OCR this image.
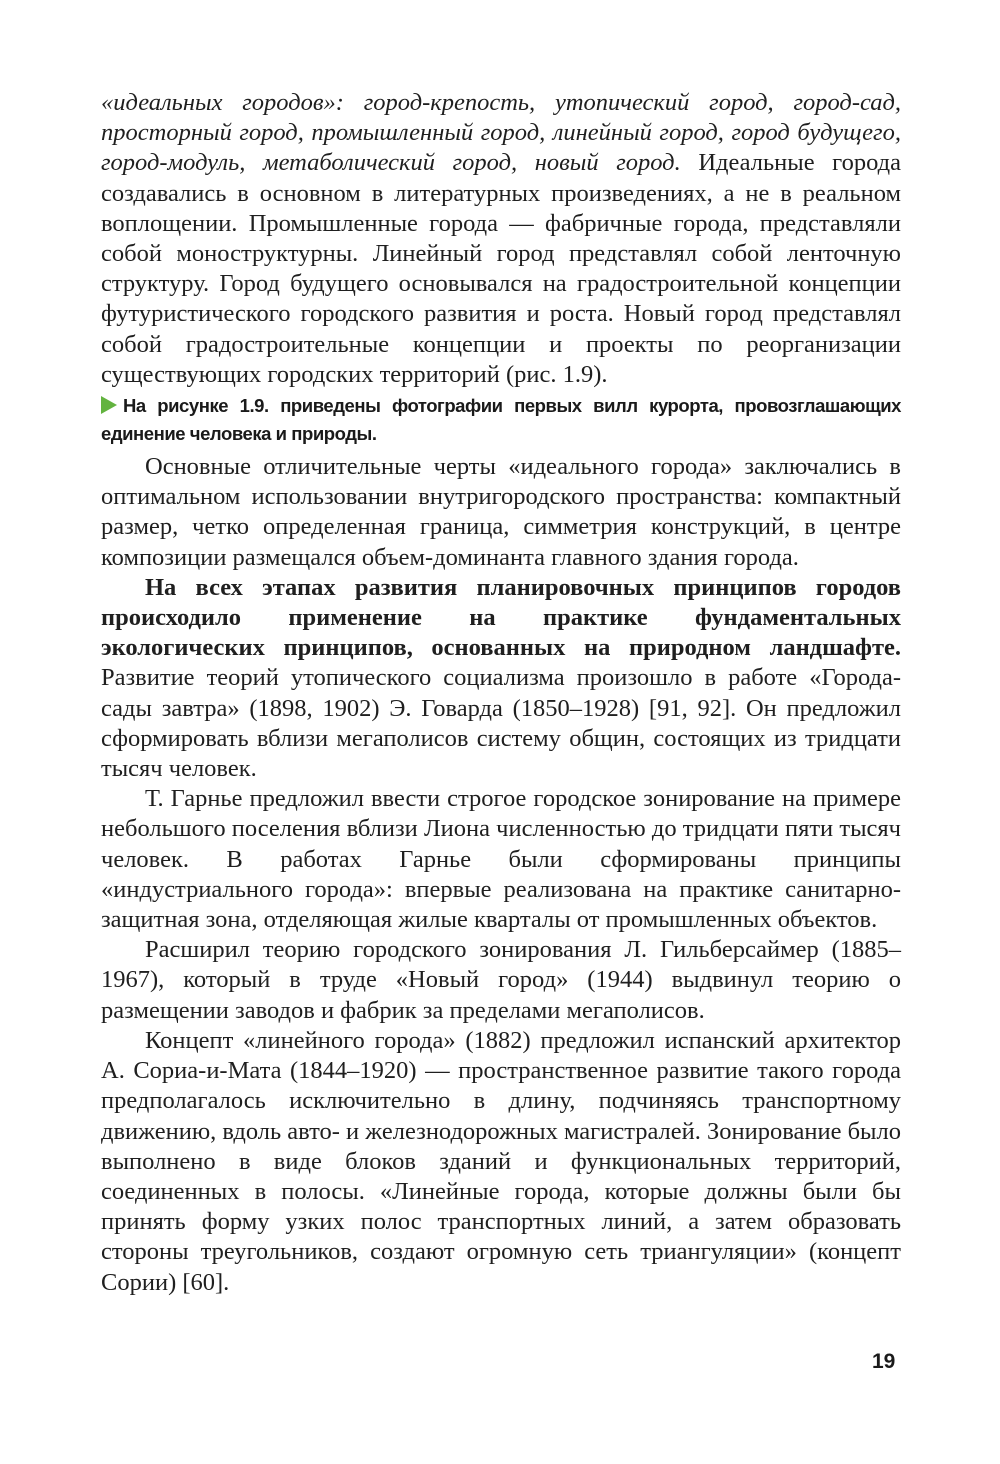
«идеальных городов»: город-крепость, утопический город, город-сад, просторный город, промышленный город, линейный город, город будущего, город-модуль, метаболический город, новый город. Идеальные города создавались в основном в литературных произведениях, а не в реальном воплощении. Промышленные города — фабричные города, представляли собой моноструктурны. Линейный город представлял собой ленточную структуру. Город будущего основывался на градостроительной концепции футуристического городского развития и роста. Новый город представлял собой градостроительные концепции и проекты по реорганизации существующих городских территорий (рис. 1.9).

На рисунке 1.9. приведены фотографии первых вилл курорта, провозглашающих единение человека и природы.

Основные отличительные черты «идеального города» заключались в оптимальном использовании внутригородского пространства: компактный размер, четко определенная граница, симметрия конструкций, в центре композиции размещался объем-доминанта главного здания города.

На всех этапах развития планировочных принципов городов происходило применение на практике фундаментальных экологических принципов, основанных на природном ландшафте. Развитие теорий утопического социализма произошло в работе «Города-сады завтра» (1898, 1902) Э. Говарда (1850–1928) [91, 92]. Он предложил сформировать вблизи мегаполисов систему общин, состоящих из тридцати тысяч человек.

Т. Гарнье предложил ввести строгое городское зонирование на примере небольшого поселения вблизи Лиона численностью до тридцати пяти тысяч человек. В работах Гарнье были сформированы принципы «индустриального города»: впервые реализована на практике санитарно-защитная зона, отделяющая жилые кварталы от промышленных объектов.

Расширил теорию городского зонирования Л. Гильберсаймер (1885–1967), который в труде «Новый город» (1944) выдвинул теорию о размещении заводов и фабрик за пределами мегаполисов.

Концепт «линейного города» (1882) предложил испанский архитектор А. Сориа-и-Мата (1844–1920) — пространственное развитие такого города предполагалось исключительно в длину, подчиняясь транспортному движению, вдоль авто- и железнодорожных магистралей. Зонирование было выполнено в виде блоков зданий и функциональных территорий, соединенных в полосы. «Линейные города, которые должны были бы принять форму узких полос транспортных линий, а затем образовать стороны треугольников, создают огромную сеть триангуляции» (концепт Сории) [60].

19
